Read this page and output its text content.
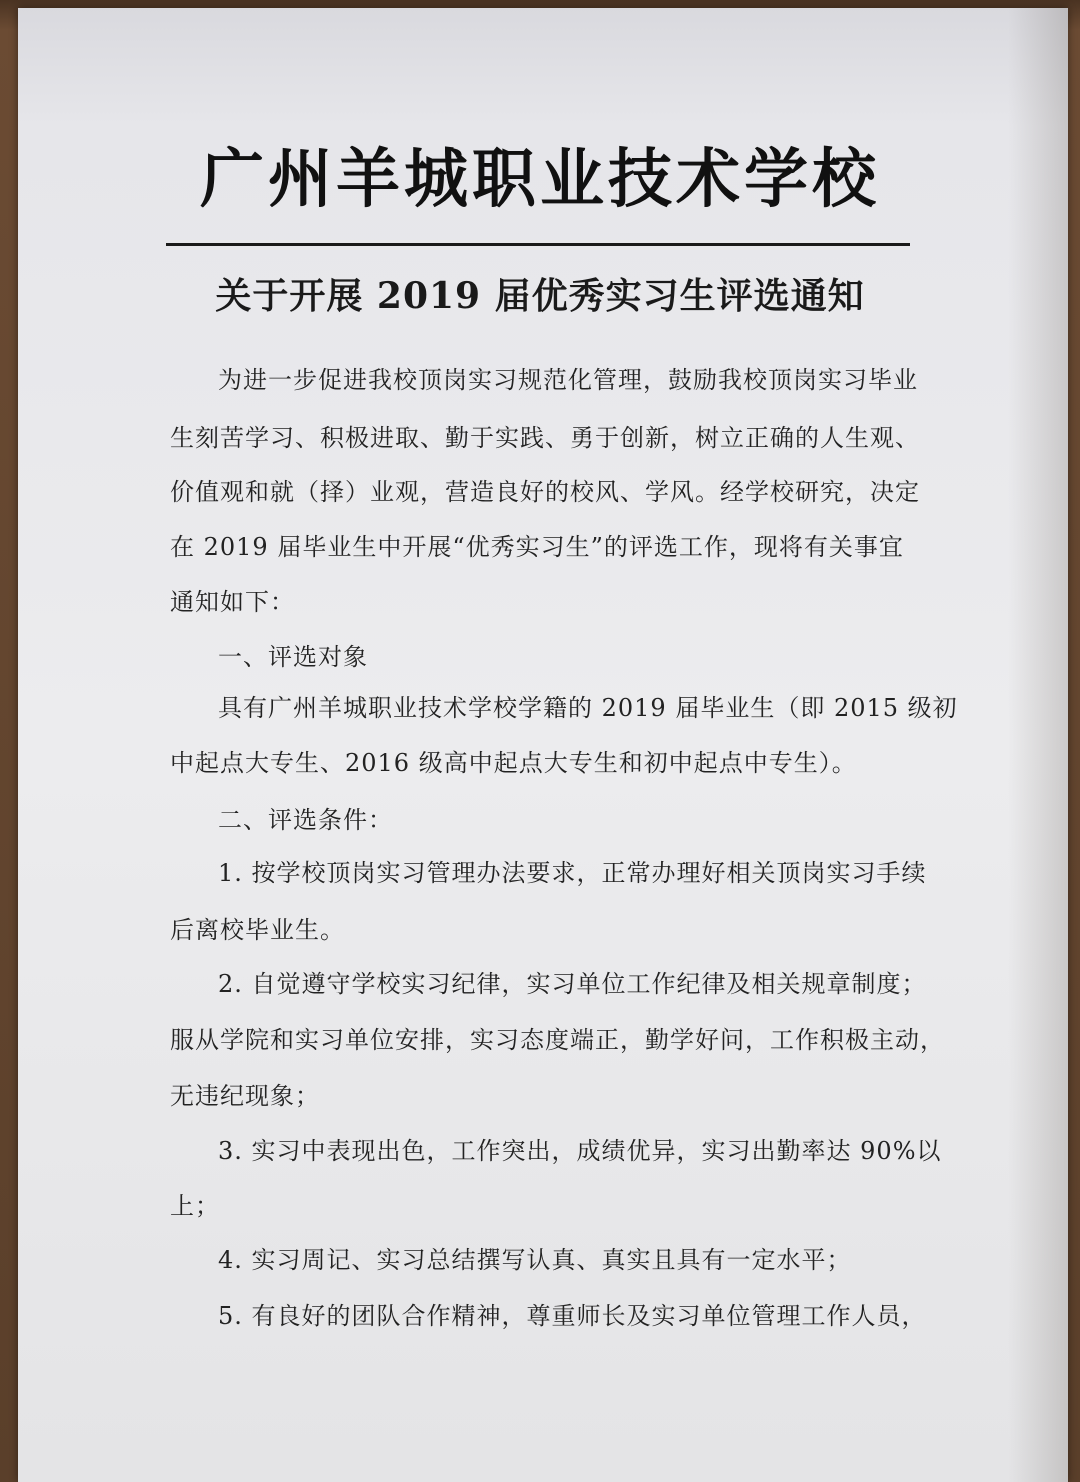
广州羊城职业技术学校
关于开展 2019 届优秀实习生评选通知
为进一步促进我校顶岗实习规范化管理，鼓励我校顶岗实习毕业
生刻苦学习、积极进取、勤于实践、勇于创新，树立正确的人生观、
价值观和就（择）业观，营造良好的校风、学风。经学校研究，决定
在 2019 届毕业生中开展“优秀实习生”的评选工作，现将有关事宜
通知如下：
一、评选对象
具有广州羊城职业技术学校学籍的 2019 届毕业生（即 2015 级初
中起点大专生、2016 级高中起点大专生和初中起点中专生）。
二、评选条件：
1. 按学校顶岗实习管理办法要求，正常办理好相关顶岗实习手续
后离校毕业生。
2. 自觉遵守学校实习纪律，实习单位工作纪律及相关规章制度；
服从学院和实习单位安排，实习态度端正，勤学好问，工作积极主动，
无违纪现象；
3. 实习中表现出色，工作突出，成绩优异，实习出勤率达 90%以
上；
4. 实习周记、实习总结撰写认真、真实且具有一定水平；
5. 有良好的团队合作精神，尊重师长及实习单位管理工作人员，
